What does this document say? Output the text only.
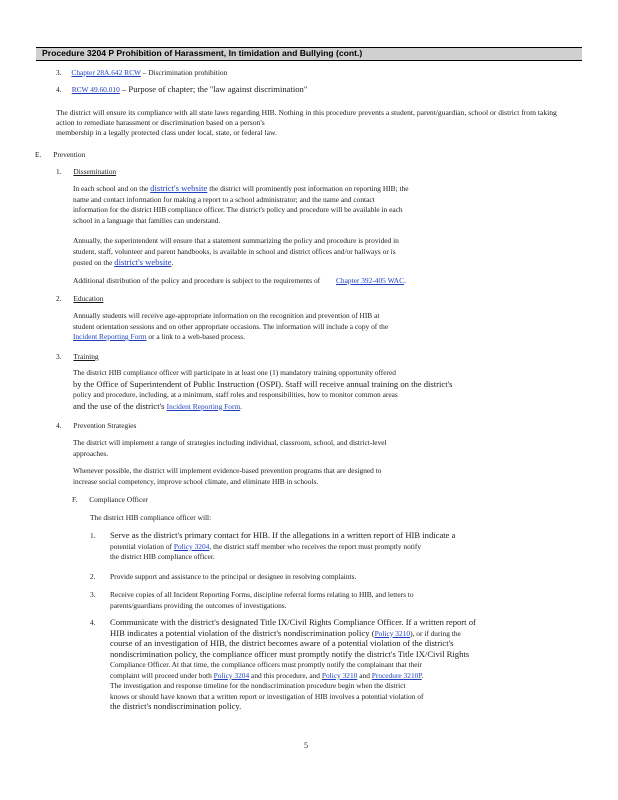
Procedure 3204 P Prohibition of Harassment, In timidation and Bullying (cont.)
3. Chapter 28A.642 RCW – Discrimination prohibition
4. RCW 49.60.010 – Purpose of chapter; the ''law against discrimination"
The district will ensure its compliance with all state laws regarding HIB. Nothing in this procedure prevents a student, parent/guardian, school or district from taking action to remediate harassment or discrimination based on a person's
membership in a legally protected class under local, state, or federal law.
E. Prevention
1. Dissemination
In each school and on the district's website the district will prominently post information on reporting HIB; the
name and contact information for making a report to a school administrator; and the name and contact
information for the district HIB compliance officer. The district's policy and procedure will be available in each
school in a language that families can understand.
Annually, the superintendent will ensure that a statement summarizing the policy and procedure is provided in
student, staff, volunteer and parent handbooks, is available in school and district offices and/or hallways or is
posted on the district's website.
Additional distribution of the policy and procedure is subject to the requirements of Chapter 392-405 WAC.
2. Education
Annually students will receive age-appropriate information on the recognition and prevention of HIB at
student orientation sessions and on other appropriate occasions. The information will include a copy of the
Incident Reporting Form or a link to a web-based process.
3. Training
The district HIB compliance officer will participate in at least one (1) mandatory training opportunity offered
by the Office of Superintendent of Public Instruction (OSPI). Staff will receive annual training on the district's
policy and procedure, including, at a minimum, staff roles and responsibilities, how to monitor common areas
and the use of the district's Incident Reporting Form.
4. Prevention Strategies
The district will implement a range of strategies including individual, classroom, school, and district-level
approaches.
Whenever possible, the district will implement evidence-based prevention programs that are designed to
increase social competency, improve school climate, and eliminate HIB in schools.
F. Compliance Officer
The district HIB compliance officer will:
1. Serve as the district's primary contact for HIB. If the allegations in a written report of HIB indicate a
potential violation of Policy 3204, the district staff member who receives the report must promptly notify
the district HIB compliance officer.
2. Provide support and assistance to the principal or designee in resolving complaints.
3. Receive copies of all Incident Reporting Forms, discipline referral forms relating to HIB, and letters to
parents/guardians providing the outcomes of investigations.
4. Communicate with the district's designated Title IX/Civil Rights Compliance Officer. If a written report of
HIB indicates a potential violation of the district's nondiscrimination policy (Policy 3210), or if during the
course of an investigation of HIB, the district becomes aware of a potential violation of the district's
nondiscrimination policy, the compliance officer must promptly notify the district's Title IX/Civil Rights
Compliance Officer. At that time, the compliance officers must promptly notify the complainant that their
complaint will proceed under both Policy 3204 and this procedure, and Policy 3210 and Procedure 3210P.
The investigation and response timeline for the nondiscrimination procedure begin when the district
knows or should have known that a written report or investigation of HIB involves a potential violation of
the district's nondiscrimination policy.
5
